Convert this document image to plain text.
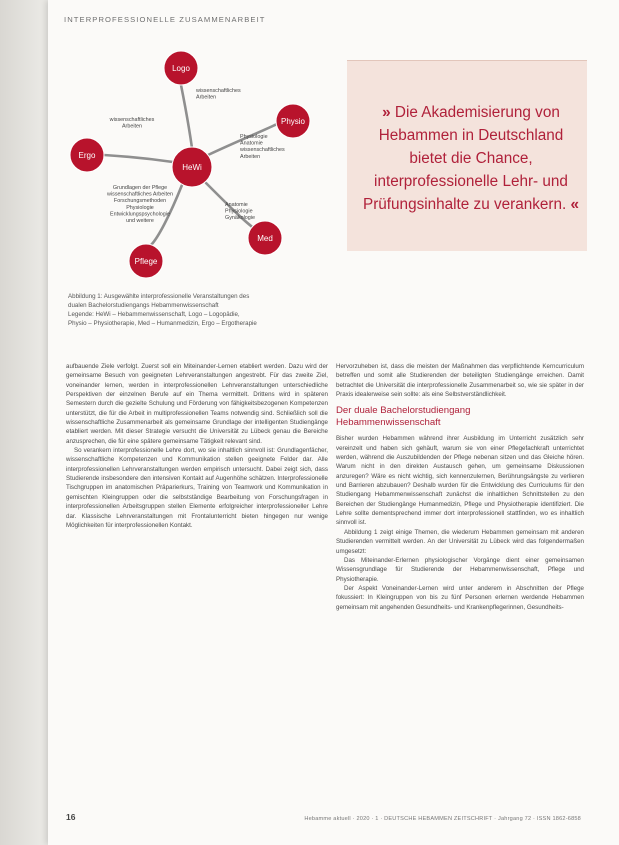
INTERPROFESSIONELLE ZUSAMMENARBEIT
Logo
Physio
Ergo
HeWi
Med
Pflege
wissenschaftliches
Arbeiten
wissenschaftliches
Arbeiten
Physiologie
Anatomie
wissenschaftliches
Arbeiten
Grundlagen der Pflege
wissenschaftliches Arbeiten
Forschungsmethoden
Physiologie
Entwicklungspsychologie
und weitere
Anatomie
Physiologie
Gynäkologie
Abbildung 1: Ausgewählte interprofessionelle Veranstaltungen des
dualen Bachelorstudiengangs Hebammenwissenschaft
Legende: HeWi – Hebammenwissenschaft, Logo – Logopädie,
Physio – Physiotherapie, Med – Humanmedizin, Ergo – Ergotherapie
» Die Akademisierung von Hebammen in Deutschland bietet die Chance, interprofessionelle Lehr- und Prüfungsinhalte zu verankern. «

aufbauende Ziele verfolgt. Zuerst soll ein Miteinander-Lernen etabliert werden. Dazu wird der gemeinsame Besuch von geeigneten Lehrveranstaltungen angestrebt. Für das zweite Ziel, voneinander lernen, werden in interprofessionellen Lehrveranstaltungen unterschiedliche Perspektiven der einzelnen Berufe auf ein Thema vermittelt. Drittens wird in späteren Semestern durch die gezielte Schulung und Förderung von fähigkeitsbezogenen Kompetenzen unterstützt, die für die Arbeit in multiprofessionellen Teams notwendig sind. Schließlich soll die wissenschaftliche Zusammenarbeit als gemeinsame Grundlage der intelligenten Studiengänge etabliert werden. Mit dieser Strategie versucht die Universität zu Lübeck genau die Bereiche anzusprechen, die für eine spätere gemeinsame Tätigkeit relevant sind.

So verankern interprofessionelle Lehre dort, wo sie inhaltlich sinnvoll ist: Grundlagenfächer, wissenschaftliche Kompetenzen und Kommunikation stellen geeignete Felder dar. Alle interprofessionellen Lehrveranstaltungen werden empirisch untersucht. Dabei zeigt sich, dass Studierende insbesondere den intensiven Kontakt auf Augenhöhe schätzen. Interprofessionelle Tischgruppen im anatomischen Präparierkurs, Training von Teamwork und Kommunikation in gemischten Kleingruppen oder die selbstständige Bearbeitung von Forschungsfragen in interprofessionellen Arbeitsgruppen stellen Elemente erfolgreicher interprofessioneller Lehre dar. Klassische Lehrveranstaltungen mit Frontalunterricht bieten hingegen nur wenige Möglichkeiten für interprofessionellen Kontakt.

Hervorzuheben ist, dass die meisten der Maßnahmen das verpflichtende Kerncurriculum betreffen und somit alle Studierenden der beteiligten Studiengänge erreichen. Damit betrachtet die Universität die interprofessionelle Zusammenarbeit so, wie sie später in der Praxis idealerweise sein sollte: als eine Selbstverständlichkeit.

Der duale Bachelorstudiengang
Hebammenwissenschaft

Bisher wurden Hebammen während ihrer Ausbildung im Unterricht zusätzlich sehr vereinzelt und haben sich gehäuft, warum sie von einer Pflegefachkraft unterrichtet werden, während die Auszubildenden der Pflege nebenan sitzen und das Gleiche hören. Warum nicht in den direkten Austausch gehen, um gemeinsame Diskussionen anzuregen? Wäre es nicht wichtig, sich kennenzulernen, Berührungsängste zu verlieren und Barrieren abzubauen? Deshalb wurden für die Entwicklung des Curriculums für den Studiengang Hebammenwissenschaft zunächst die inhaltlichen Schnittstellen zu den Bereichen der Studiengänge Humanmedizin, Pflege und Physiotherapie identifiziert. Die Lehre sollte dementsprechend immer dort interprofessionell stattfinden, wo es inhaltlich sinnvoll ist.

Abbildung 1 zeigt einige Themen, die wiederum Hebammen gemeinsam mit anderen Studierenden vermittelt werden. An der Universität zu Lübeck wird das folgendermaßen umgesetzt:

Das Miteinander-Erlernen physiologischer Vorgänge dient einer gemeinsamen Wissensgrundlage für Studierende der Hebammenwissenschaft, Pflege und Physiotherapie.

Der Aspekt Voneinander-Lernen wird unter anderem in Abschnitten der Pflege fokussiert: In Kleingruppen von bis zu fünf Personen erlernen werdende Hebammen gemeinsam mit angehenden Gesundheits- und Krankenpflegerinnen, Gesundheits-

16	Hebamme aktuell · 2020 · 1 · DEUTSCHE HEBAMMEN ZEITSCHRIFT · Jahrgang 72 · ISSN 1862-6858
